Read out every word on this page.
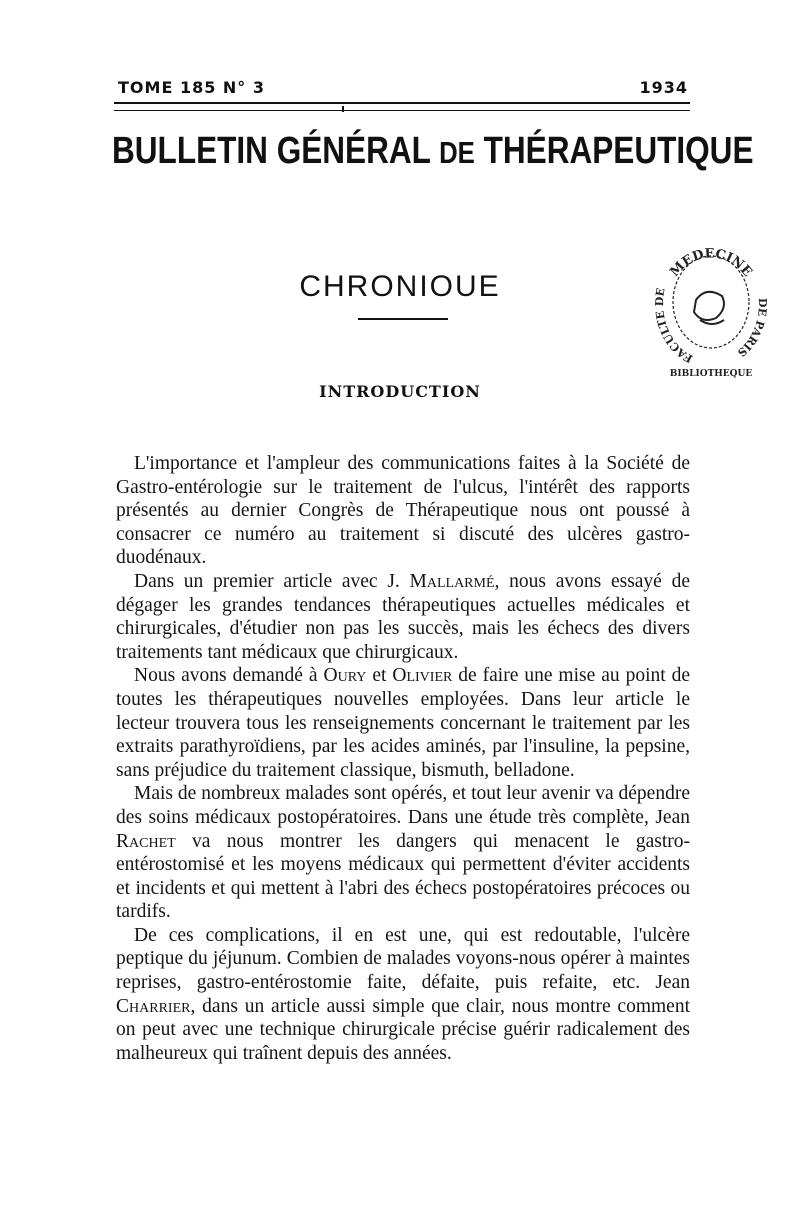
TOME 185 N° 3	1934
BULLETIN GÉNÉRAL DE THÉRAPEUTIQUE
CHRONIOUE
INTRODUCTION
MEDECINE
FACULTE DE
DE PARIS
BIBLIOTHEQUE

L'importance et l'ampleur des communications faites à la Société de Gastro-entérologie sur le traitement de l'ulcus, l'intérêt des rapports présentés au dernier Congrès de Thérapeutique nous ont poussé à consacrer ce numéro au traitement si discuté des ulcères gastro-duodénaux.

Dans un premier article avec J. Mallarmé, nous avons essayé de dégager les grandes tendances thérapeutiques actuelles médicales et chirurgicales, d'étudier non pas les succès, mais les échecs des divers traitements tant médicaux que chirurgicaux.

Nous avons demandé à Oury et Olivier de faire une mise au point de toutes les thérapeutiques nouvelles employées. Dans leur article le lecteur trouvera tous les renseignements concernant le traitement par les extraits parathyroïdiens, par les acides aminés, par l'insuline, la pepsine, sans préjudice du traitement classique, bismuth, belladone.

Mais de nombreux malades sont opérés, et tout leur avenir va dépendre des soins médicaux postopératoires. Dans une étude très complète, Jean Rachet va nous montrer les dangers qui menacent le gastro-entérostomisé et les moyens médicaux qui permettent d'éviter accidents et incidents et qui mettent à l'abri des échecs postopératoires précoces ou tardifs.

De ces complications, il en est une, qui est redoutable, l'ulcère peptique du jéjunum. Combien de malades voyons-nous opérer à maintes reprises, gastro-entérostomie faite, défaite, puis refaite, etc. Jean Charrier, dans un article aussi simple que clair, nous montre comment on peut avec une technique chirurgicale précise guérir radicalement des malheureux qui traînent depuis des années.
